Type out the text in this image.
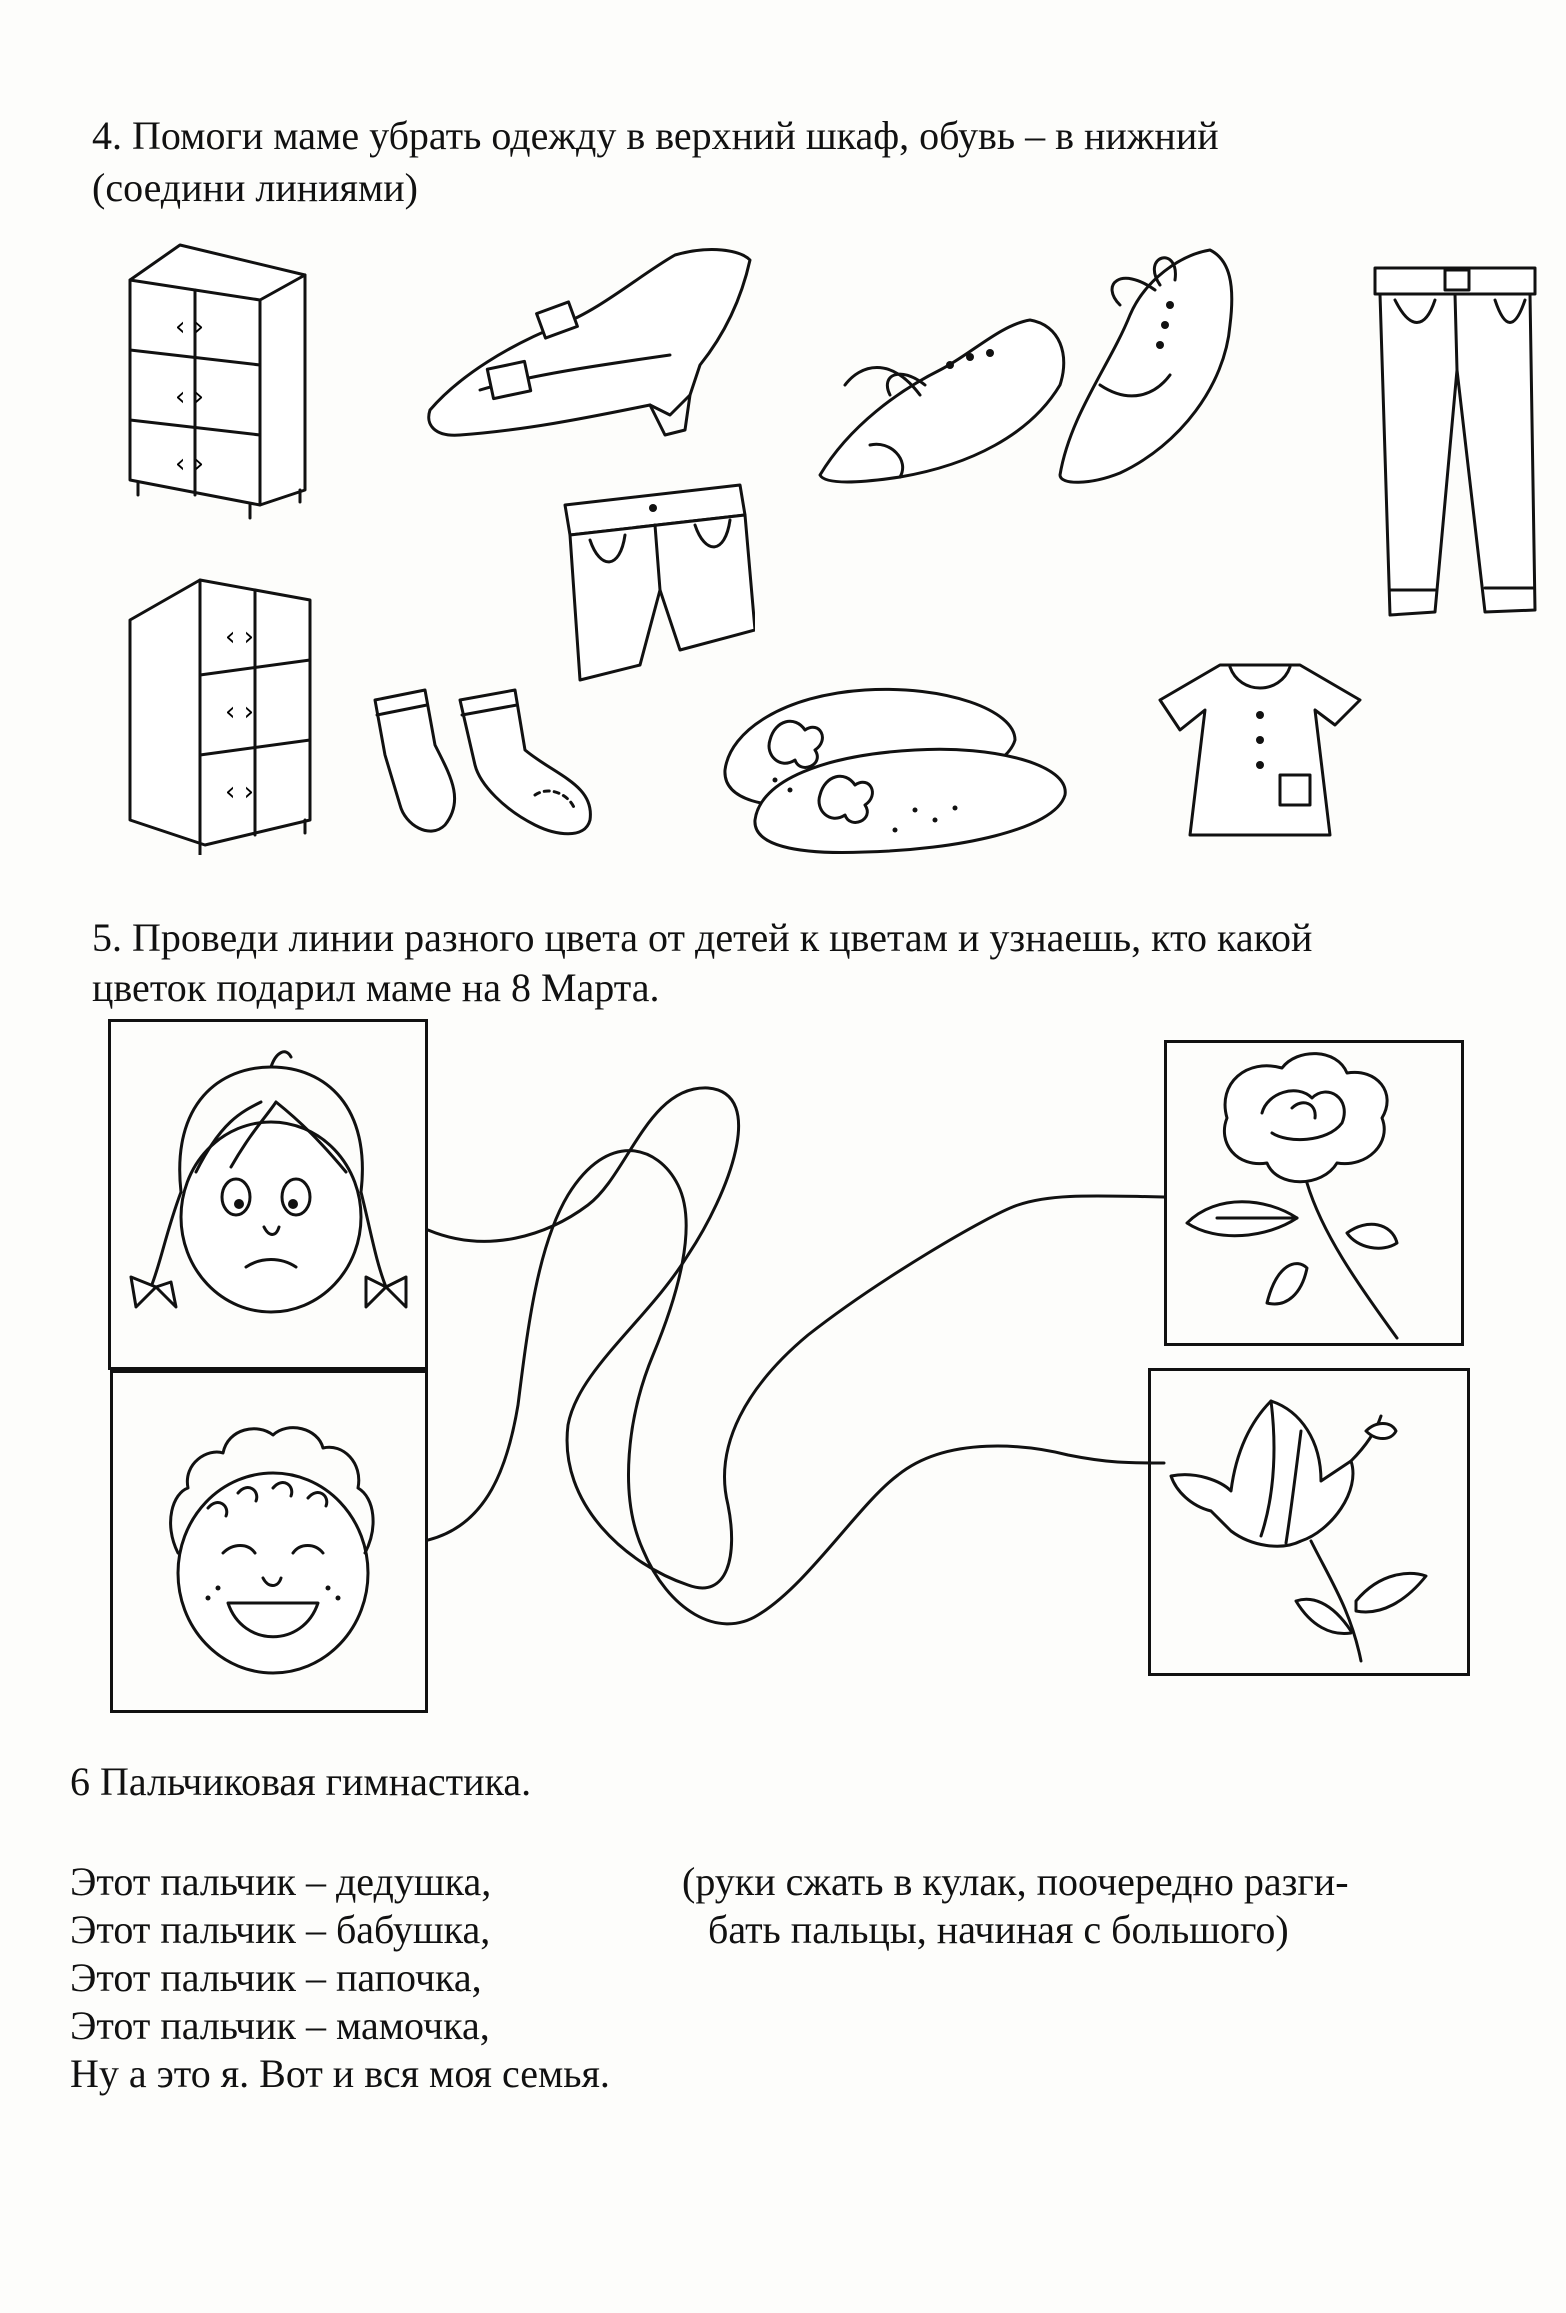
4. Помоги маме убрать одежду в верхний шкаф, обувь – в нижний

(соедини линиями)

‹ ›
‹ ›
‹ ›
‹ ›
‹ ›
‹ ›

5. Проведи линии разного цвета от детей к цветам и узнаешь, кто какой

цветок подарил маме на 8 Марта.

6 Пальчиковая гимнастика.

Этот пальчик – дедушка,

Этот пальчик – бабушка,

Этот пальчик – папочка,

Этот пальчик – мамочка,

Ну а это я. Вот и вся моя семья.

(руки сжать в кулак, поочередно разги-

бать пальцы, начиная с большого)
